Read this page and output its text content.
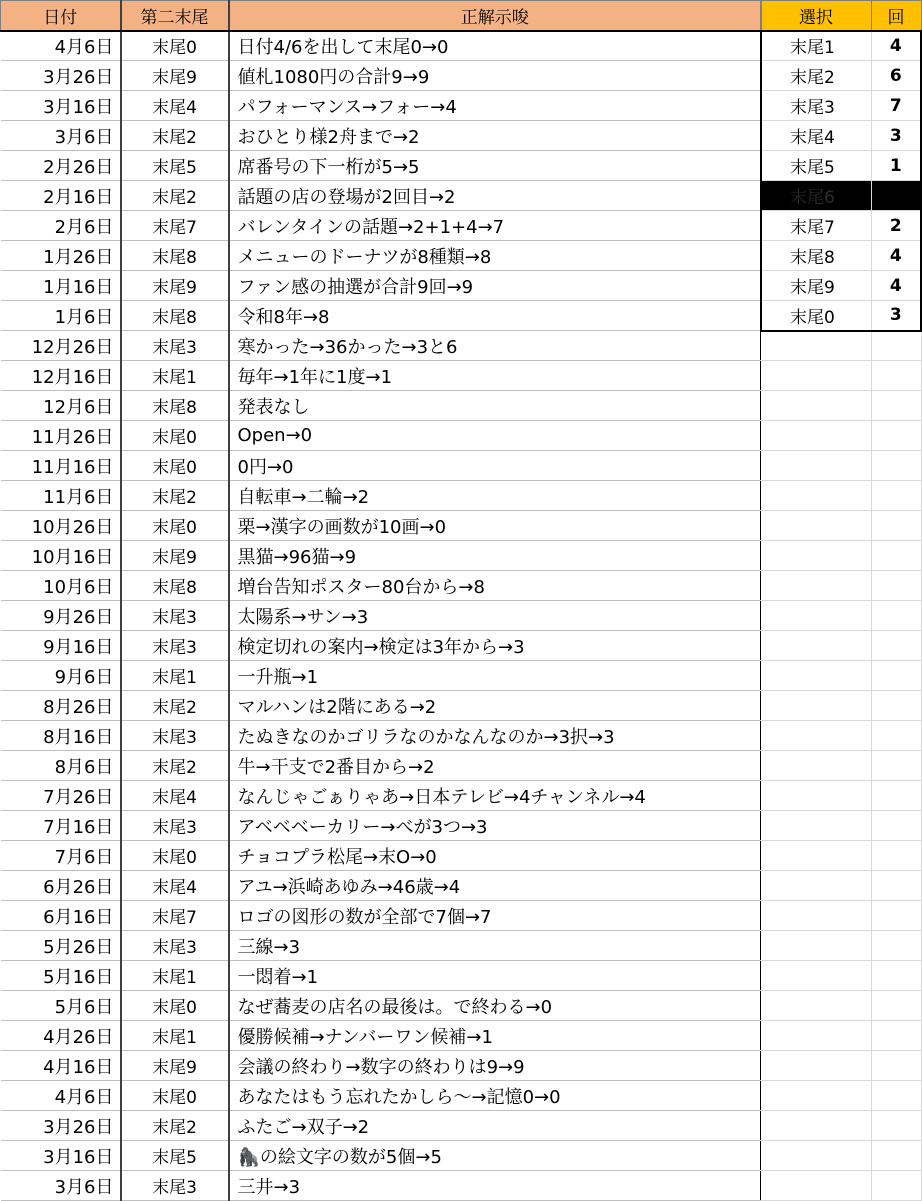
日付	第二末尾	正解示唆
4月6日	末尾0	日付4/6を出して末尾0→0
3月26日	末尾9	値札1080円の合計9→9
3月16日	末尾4	パフォーマンス→フォー→4
3月6日	末尾2	おひとり様2舟まで→2
2月26日	末尾5	席番号の下一桁が5→5
2月16日	末尾2	話題の店の登場が2回目→2
2月6日	末尾7	バレンタインの話題→2+1+4→7
1月26日	末尾8	メニューのドーナツが8種類→8
1月16日	末尾9	ファン感の抽選が合計9回→9
1月6日	末尾8	令和8年→8
12月26日	末尾3	寒かった→36かった→3と6
12月16日	末尾1	毎年→1年に1度→1
12月6日	末尾8	発表なし
11月26日	末尾0	Open→0
11月16日	末尾0	0円→0
11月6日	末尾2	自転車→二輪→2
10月26日	末尾0	栗→漢字の画数が10画→0
10月16日	末尾9	黒猫→96猫→9
10月6日	末尾8	増台告知ポスター80台から→8
9月26日	末尾3	太陽系→サン→3
9月16日	末尾3	検定切れの案内→検定は3年から→3
9月6日	末尾1	一升瓶→1
8月26日	末尾2	マルハンは2階にある→2
8月16日	末尾3	たぬきなのかゴリラなのかなんなのか→3択→3
8月6日	末尾2	牛→干支で2番目から→2
7月26日	末尾4	なんじゃごぁりゃあ→日本テレビ→4チャンネル→4
7月16日	末尾3	アベベベーカリー→べが3つ→3
7月6日	末尾0	チョコプラ松尾→末O→0
6月26日	末尾4	アユ→浜崎あゆみ→46歳→4
6月16日	末尾7	ロゴの図形の数が全部で7個→7
5月26日	末尾3	三線→3
5月16日	末尾1	一悶着→1
5月6日	末尾0	なぜ蕎麦の店名の最後は。で終わる→0
4月26日	末尾1	優勝候補→ナンバーワン候補→1
4月16日	末尾9	会議の終わり→数字の終わりは9→9
4月6日	末尾0	あなたはもう忘れたかしら～→記憶0→0
3月26日	末尾2	ふたご→双子→2
3月16日	末尾5	🦍の絵文字の数が5個→5
3月6日	末尾3	三井→3
選択	回
末尾1	4
末尾2	6
末尾3	7
末尾4	3
末尾5	1
末尾6	
末尾7	2
末尾8	4
末尾9	4
末尾0	3
